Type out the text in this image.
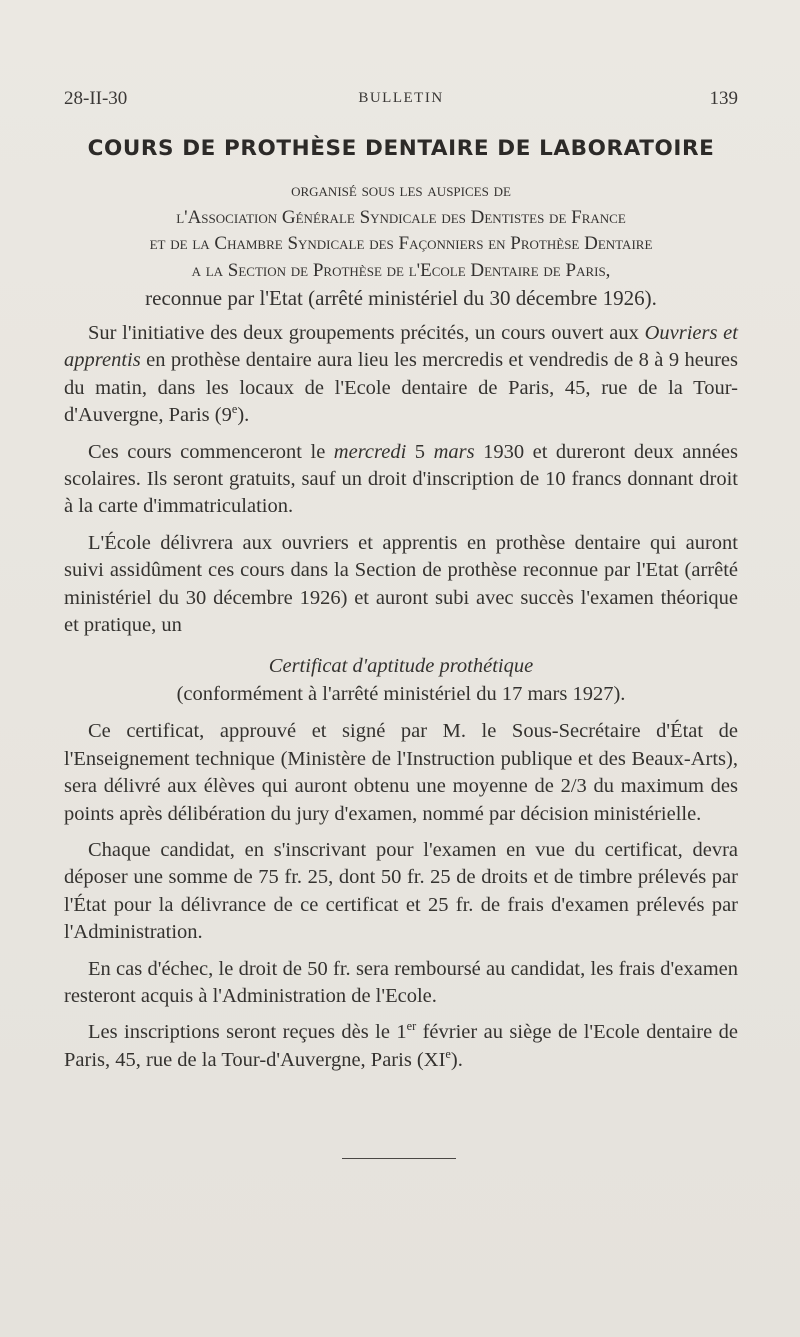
28-II-30	BULLETIN	139
COURS DE PROTHÈSE DENTAIRE DE LABORATOIRE
organisé sous les auspices de
l'Association Générale Syndicale des Dentistes de France
et de la Chambre Syndicale des Façonniers en Prothèse Dentaire
a la Section de Prothèse de l'Ecole Dentaire de Paris,
reconnue par l'Etat (arrêté ministériel du 30 décembre 1926).

Sur l'initiative des deux groupements précités, un cours ouvert aux Ouvriers et apprentis en prothèse dentaire aura lieu les mercredis et vendredis de 8 à 9 heures du matin, dans les locaux de l'Ecole dentaire de Paris, 45, rue de la Tour-d'Auvergne, Paris (9e).

Ces cours commenceront le mercredi 5 mars 1930 et dureront deux années scolaires. Ils seront gratuits, sauf un droit d'inscription de 10 francs donnant droit à la carte d'immatriculation.

L'École délivrera aux ouvriers et apprentis en prothèse dentaire qui auront suivi assidûment ces cours dans la Section de prothèse reconnue par l'Etat (arrêté ministériel du 30 décembre 1926) et auront subi avec succès l'examen théorique et pratique, un

Certificat d'aptitude prothétique
(conformément à l'arrêté ministériel du 17 mars 1927).

Ce certificat, approuvé et signé par M. le Sous-Secrétaire d'État de l'Enseignement technique (Ministère de l'Instruction publique et des Beaux-Arts), sera délivré aux élèves qui auront obtenu une moyenne de 2/3 du maximum des points après délibération du jury d'examen, nommé par décision ministérielle.

Chaque candidat, en s'inscrivant pour l'examen en vue du certificat, devra déposer une somme de 75 fr. 25, dont 50 fr. 25 de droits et de timbre prélevés par l'État pour la délivrance de ce certificat et 25 fr. de frais d'examen prélevés par l'Administration.

En cas d'échec, le droit de 50 fr. sera remboursé au candidat, les frais d'examen resteront acquis à l'Administration de l'Ecole.

Les inscriptions seront reçues dès le 1er février au siège de l'Ecole dentaire de Paris, 45, rue de la Tour-d'Auvergne, Paris (XIe).
